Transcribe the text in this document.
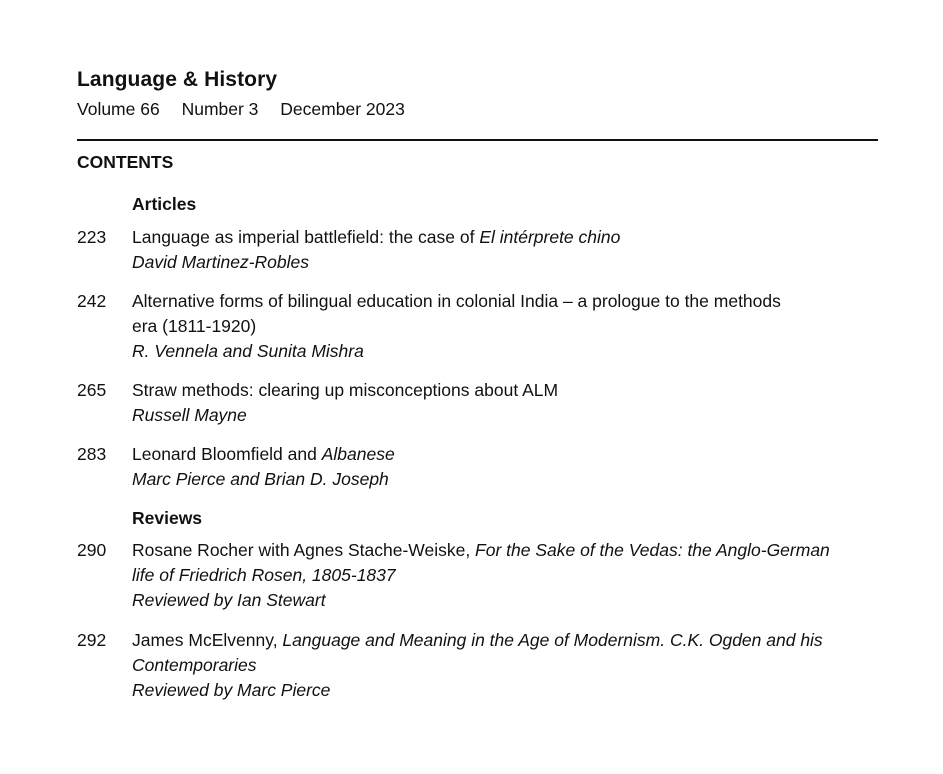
Language & History
Volume 66 Number 3 December 2023
CONTENTS
Articles
223	Language as imperial battlefield: the case of El intérprete chino
David Martinez-Robles
242	Alternative forms of bilingual education in colonial India – a prologue to the methods
era (1811-1920)
R. Vennela and Sunita Mishra
265	Straw methods: clearing up misconceptions about ALM
Russell Mayne
283	Leonard Bloomfield and Albanese
Marc Pierce and Brian D. Joseph
Reviews
290	Rosane Rocher with Agnes Stache-Weiske, For the Sake of the Vedas: the Anglo-German
life of Friedrich Rosen, 1805-1837
Reviewed by Ian Stewart
292	James McElvenny, Language and Meaning in the Age of Modernism. C.K. Ogden and his
Contemporaries
Reviewed by Marc Pierce
